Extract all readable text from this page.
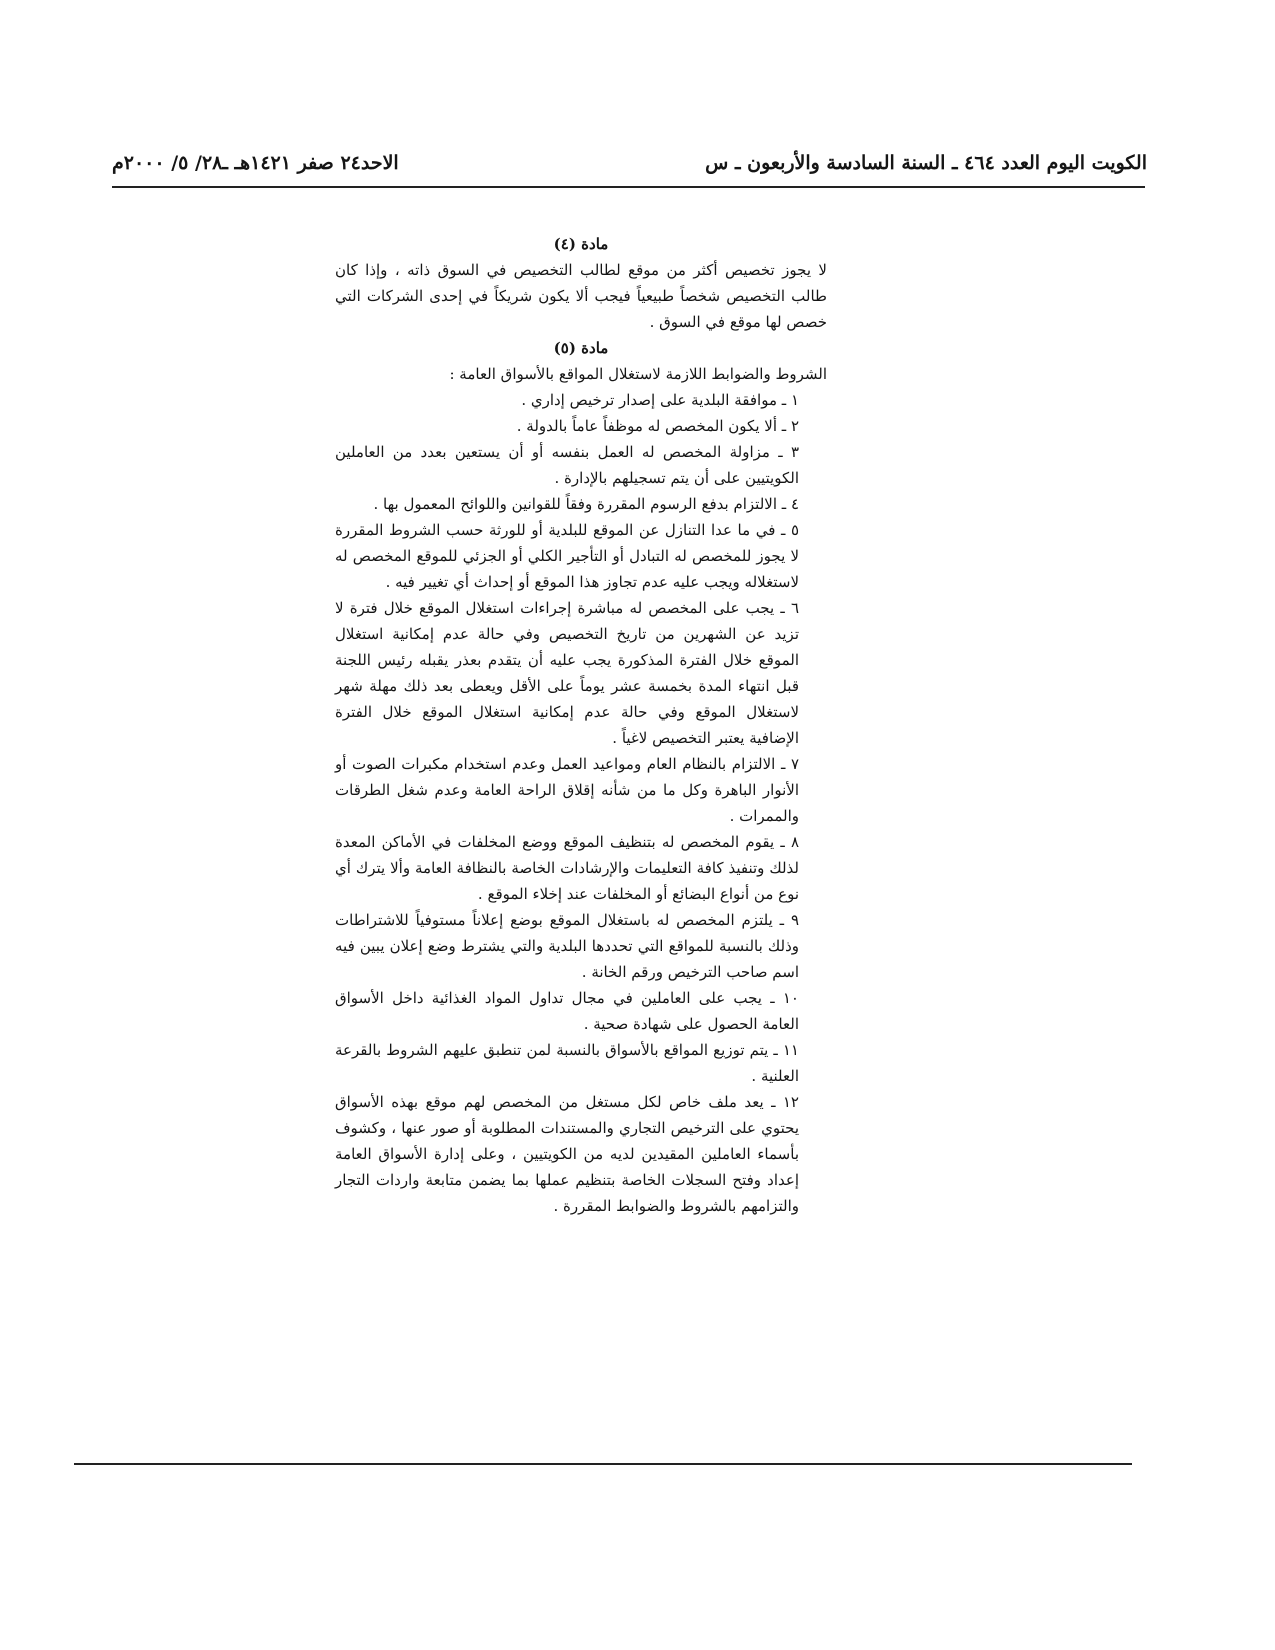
الكويت اليوم العدد ٤٦٤ ـ السنة السادسة والأربعون ـ س
الاحد٢٤ صفر ١٤٢١هـ ـ٢٨/ ٥/ ٢٠٠٠م

مادة (٤)

لا يجوز تخصيص أكثر من موقع لطالب التخصيص في السوق ذاته ، وإذا كان طالب التخصيص شخصاً طبيعياً فيجب ألا يكون شريكاً في إحدى الشركات التي خصص لها موقع في السوق .

مادة (٥)

الشروط والضوابط اللازمة لاستغلال المواقع بالأسواق العامة :

١ ـ موافقة البلدية على إصدار ترخيص إداري .

٢ ـ ألا يكون المخصص له موظفاً عاماً بالدولة .

٣ ـ مزاولة المخصص له العمل بنفسه أو أن يستعين بعدد من العاملين الكويتيين على أن يتم تسجيلهم بالإدارة .

٤ ـ الالتزام بدفع الرسوم المقررة وفقاً للقوانين واللوائح المعمول بها .

٥ ـ في ما عدا التنازل عن الموقع للبلدية أو للورثة حسب الشروط المقررة لا يجوز للمخصص له التبادل أو التأجير الكلي أو الجزئي للموقع المخصص له لاستغلاله ويجب عليه عدم تجاوز هذا الموقع أو إحداث أي تغيير فيه .

٦ ـ يجب على المخصص له مباشرة إجراءات استغلال الموقع خلال فترة لا تزيد عن الشهرين من تاريخ التخصيص وفي حالة عدم إمكانية استغلال الموقع خلال الفترة المذكورة يجب عليه أن يتقدم بعذر يقبله رئيس اللجنة قبل انتهاء المدة بخمسة عشر يوماً على الأقل ويعطى بعد ذلك مهلة شهر لاستغلال الموقع وفي حالة عدم إمكانية استغلال الموقع خلال الفترة الإضافية يعتبر التخصيص لاغياً .

٧ ـ الالتزام بالنظام العام ومواعيد العمل وعدم استخدام مكبرات الصوت أو الأنوار الباهرة وكل ما من شأنه إقلاق الراحة العامة وعدم شغل الطرقات والممرات .

٨ ـ يقوم المخصص له بتنظيف الموقع ووضع المخلفات في الأماكن المعدة لذلك وتنفيذ كافة التعليمات والإرشادات الخاصة بالنظافة العامة وألا يترك أي نوع من أنواع البضائع أو المخلفات عند إخلاء الموقع .

٩ ـ يلتزم المخصص له باستغلال الموقع بوضع إعلاناً مستوفياً للاشتراطات وذلك بالنسبة للمواقع التي تحددها البلدية والتي يشترط وضع إعلان يبين فيه اسم صاحب الترخيص ورقم الخانة .

١٠ ـ يجب على العاملين في مجال تداول المواد الغذائية داخل الأسواق العامة الحصول على شهادة صحية .

١١ ـ يتم توزيع المواقع بالأسواق بالنسبة لمن تنطبق عليهم الشروط بالقرعة العلنية .

١٢ ـ يعد ملف خاص لكل مستغل من المخصص لهم موقع بهذه الأسواق يحتوي على الترخيص التجاري والمستندات المطلوبة أو صور عنها ، وكشوف بأسماء العاملين المقيدين لديه من الكويتيين ، وعلى إدارة الأسواق العامة إعداد وفتح السجلات الخاصة بتنظيم عملها بما يضمن متابعة واردات التجار والتزامهم بالشروط والضوابط المقررة .
